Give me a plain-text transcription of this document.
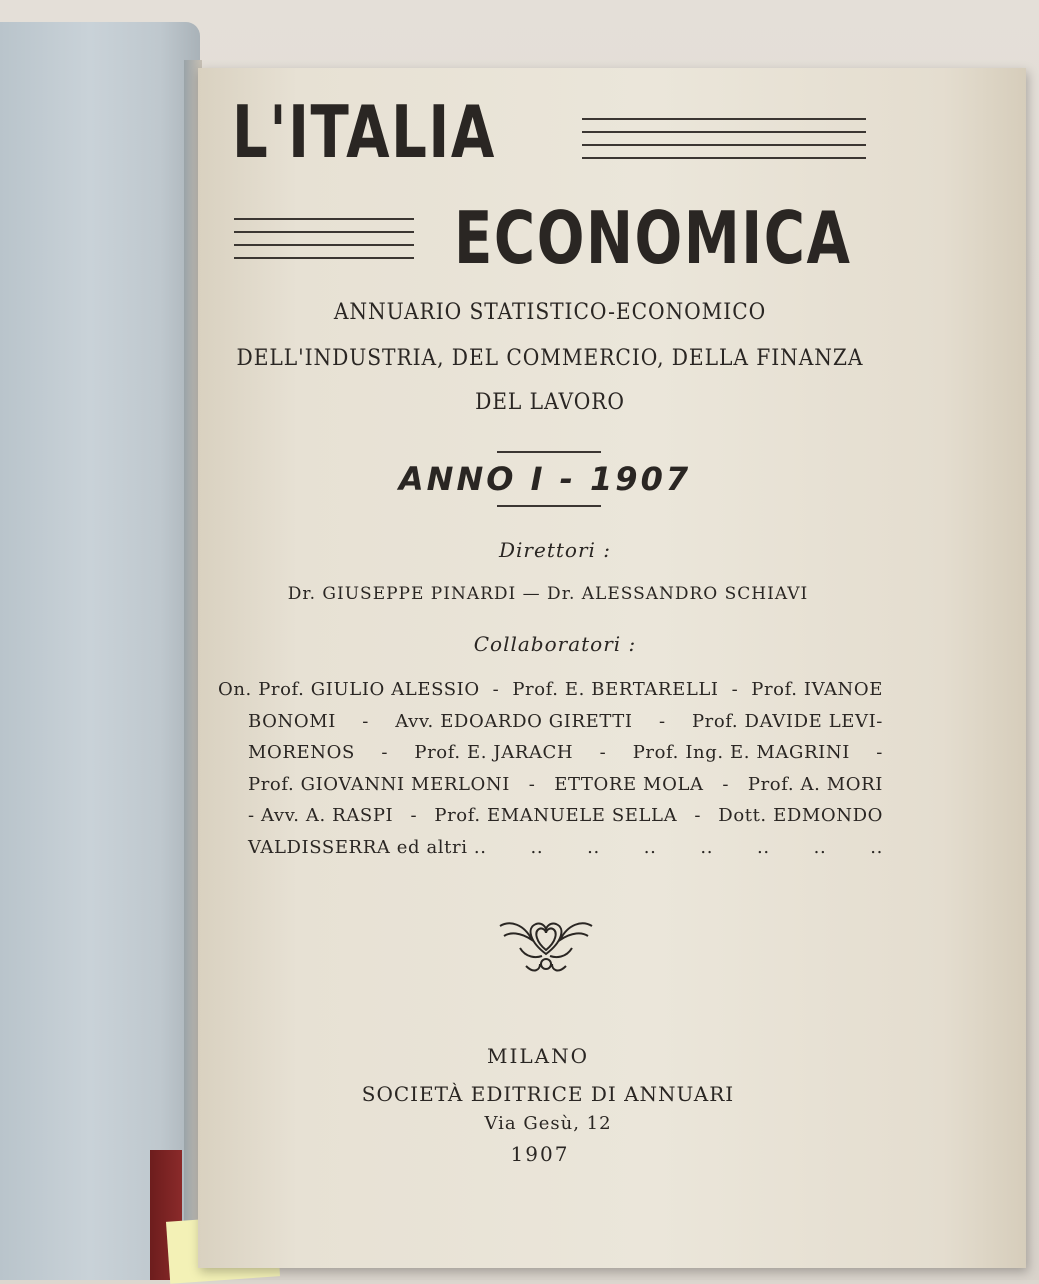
L'ITALIA
ECONOMICA
ANNUARIO STATISTICO-ECONOMICO
DELL'INDUSTRIA, DEL COMMERCIO, DELLA FINANZA
DEL LAVORO
ANNO I - 1907
Direttori :
Dr. GIUSEPPE PINARDI — Dr. ALESSANDRO SCHIAVI
Collaboratori :
On. Prof. GIULIO ALESSIO - Prof. E. BERTARELLI - Prof. IVANOE
BONOMI - Avv. EDOARDO GIRETTI - Prof. DAVIDE LEVI-
MORENOS - Prof. E. JARACH - Prof. Ing. E. MAGRINI -
Prof. GIOVANNI MERLONI - ETTORE MOLA - Prof. A. MORI
- Avv. A. RASPI - Prof. EMANUELE SELLA - Dott. EDMONDO
VALDISSERRA ed altri .. .. .. .. .. .. .. ..
MILANO
SOCIETÀ EDITRICE DI ANNUARI
Via Gesù, 12
1907
